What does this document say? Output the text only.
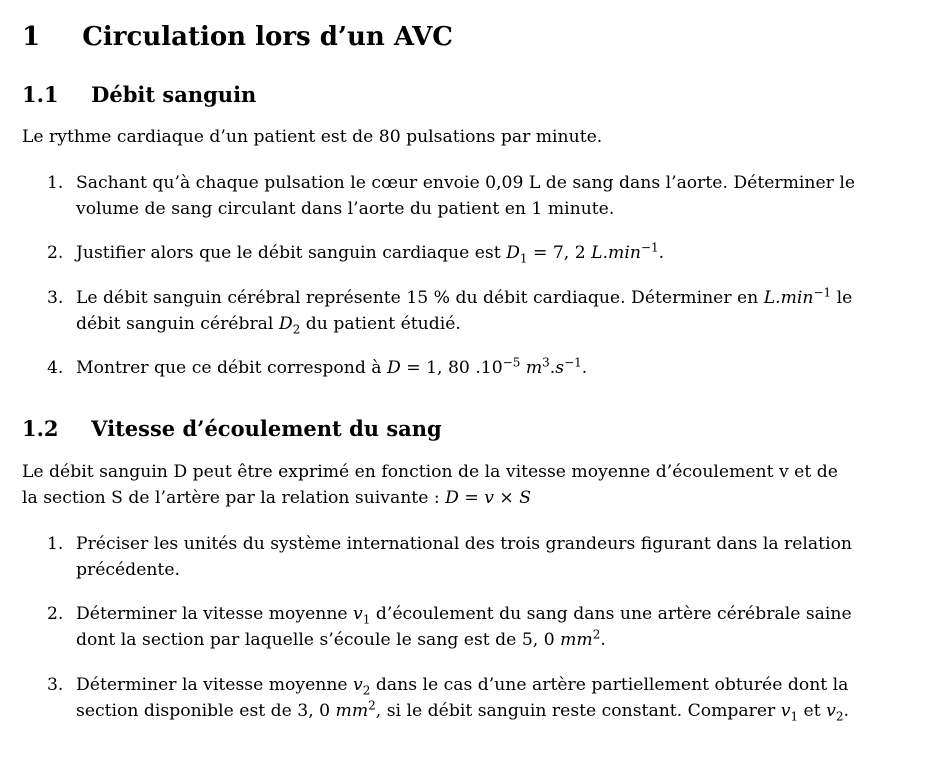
1 Circulation lors d’un AVC
1.1 Débit sanguin
Le rythme cardiaque d’un patient est de 80 pulsations par minute.
1. Sachant qu’à chaque pulsation le cœur envoie 0,09 L de sang dans l’aorte. Déterminer le
volume de sang circulant dans l’aorte du patient en 1 minute.
2. Justifier alors que le débit sanguin cardiaque est $D_1 = 7$, 2 $L.\min^{-1}$.
3. Le débit sanguin cérébral représente 15 % du débit cardiaque. Déterminer en $L.\min^{-1}$ le
débit sanguin cérébral $D_2$ du patient étudié.
4. Montrer que ce débit correspond à D = 1, 80 $.10^{-5}$ $m^3.s^{-1}$.
1.2 Vitesse d’écoulement du sang
Le débit sanguin D peut être exprimé en fonction de la vitesse moyenne d’écoulement v et de
la section S de l’artère par la relation suivante : D = v × S
1. Préciser les unités du système international des trois grandeurs figurant dans la relation
précédente.
2. Déterminer la vitesse moyenne $v_1$ d’écoulement du sang dans une artère cérébrale saine
dont la section par laquelle s’écoule le sang est de 5, 0 $mm^2$.
3. Déterminer la vitesse moyenne $v_2$ dans le cas d’une artère partiellement obturée dont la
section disponible est de 3, 0 $mm^2$, si le débit sanguin reste constant. Comparer $v_1$ et $v_2$.
